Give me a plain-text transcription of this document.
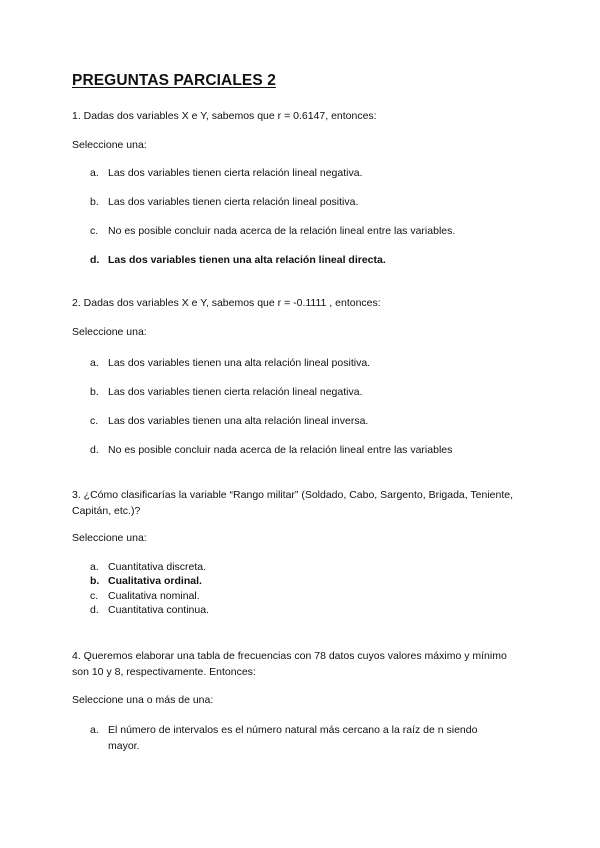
PREGUNTAS PARCIALES 2
1. Dadas dos variables X e Y, sabemos que r = 0.6147, entonces:
Seleccione una:
a. Las dos variables tienen cierta relación lineal negativa.
b. Las dos variables tienen cierta relación lineal positiva.
c. No es posible concluir nada acerca de la relación lineal entre las variables.
d. Las dos variables tienen una alta relación lineal directa.
2. Dadas dos variables X e Y, sabemos que r = -0.1111 , entonces:
Seleccione una:
a. Las dos variables tienen una alta relación lineal positiva.
b. Las dos variables tienen cierta relación lineal negativa.
c. Las dos variables tienen una alta relación lineal inversa.
d. No es posible concluir nada acerca de la relación lineal entre las variables
3. ¿Cómo clasificarías la variable “Rango militar” (Soldado, Cabo, Sargento, Brigada, Teniente, Capitán, etc.)?
Seleccione una:
a. Cuantitativa discreta.
b. Cualitativa ordinal.
c. Cualitativa nominal.
d. Cuantitativa continua.
4. Queremos elaborar una tabla de frecuencias con 78 datos cuyos valores máximo y mínimo son 10 y 8, respectivamente. Entonces:
Seleccione una o más de una:
a. El número de intervalos es el número natural más cercano a la raíz de n siendo mayor.
